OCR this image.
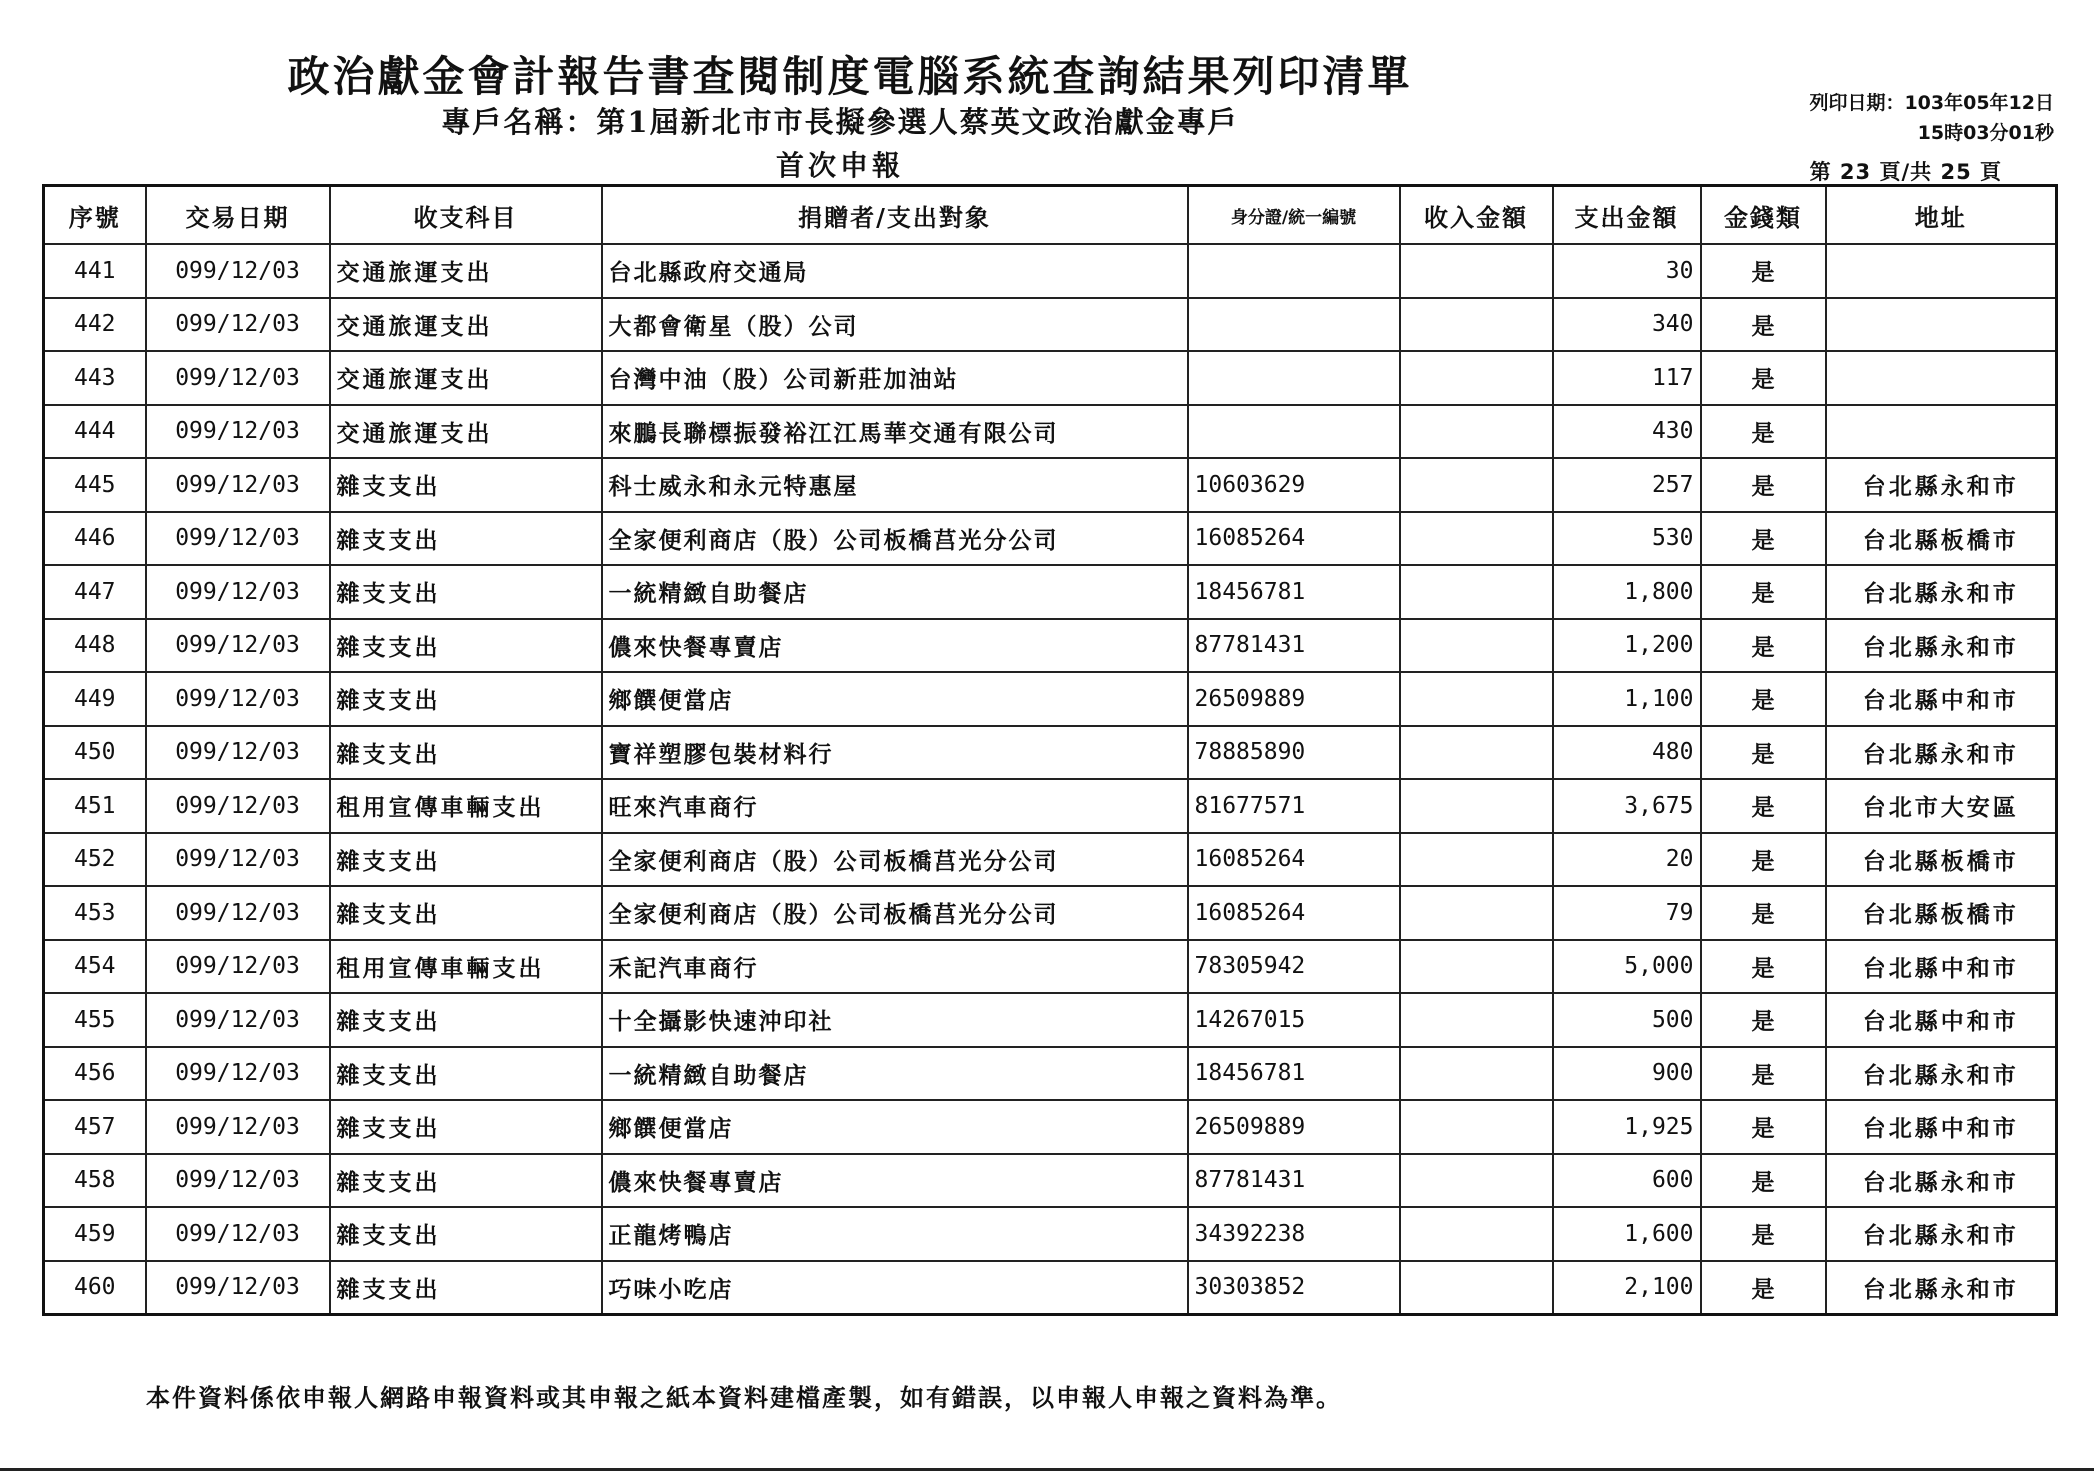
政治獻金會計報告書查閱制度電腦系統查詢結果列印清單
專戶名稱：第1屆新北市市長擬參選人蔡英文政治獻金專戶
首次申報
列印日期：103年05年12日
15時03分01秒
第 23 頁/共 25 頁
序號	交易日期	收支科目	捐贈者/支出對象	身分證/統一編號	收入金額	支出金額	金錢類	地址
441	099/12/03	交通旅運支出	台北縣政府交通局			30	是	
442	099/12/03	交通旅運支出	大都會衛星（股）公司			340	是	
443	099/12/03	交通旅運支出	台灣中油（股）公司新莊加油站			117	是	
444	099/12/03	交通旅運支出	來鵬長聯標振發裕江江馬華交通有限公司			430	是	
445	099/12/03	雜支支出	科士威永和永元特惠屋	10603629		257	是	台北縣永和市
446	099/12/03	雜支支出	全家便利商店（股）公司板橋莒光分公司	16085264		530	是	台北縣板橋市
447	099/12/03	雜支支出	一統精緻自助餐店	18456781		1,800	是	台北縣永和市
448	099/12/03	雜支支出	儂來快餐專賣店	87781431		1,200	是	台北縣永和市
449	099/12/03	雜支支出	鄉饌便當店	26509889		1,100	是	台北縣中和市
450	099/12/03	雜支支出	寶祥塑膠包裝材料行	78885890		480	是	台北縣永和市
451	099/12/03	租用宣傳車輛支出	旺來汽車商行	81677571		3,675	是	台北市大安區
452	099/12/03	雜支支出	全家便利商店（股）公司板橋莒光分公司	16085264		20	是	台北縣板橋市
453	099/12/03	雜支支出	全家便利商店（股）公司板橋莒光分公司	16085264		79	是	台北縣板橋市
454	099/12/03	租用宣傳車輛支出	禾記汽車商行	78305942		5,000	是	台北縣中和市
455	099/12/03	雜支支出	十全攝影快速沖印社	14267015		500	是	台北縣中和市
456	099/12/03	雜支支出	一統精緻自助餐店	18456781		900	是	台北縣永和市
457	099/12/03	雜支支出	鄉饌便當店	26509889		1,925	是	台北縣中和市
458	099/12/03	雜支支出	儂來快餐專賣店	87781431		600	是	台北縣永和市
459	099/12/03	雜支支出	正龍烤鴨店	34392238		1,600	是	台北縣永和市
460	099/12/03	雜支支出	巧味小吃店	30303852		2,100	是	台北縣永和市
本件資料係依申報人網路申報資料或其申報之紙本資料建檔產製，如有錯誤，以申報人申報之資料為準。
